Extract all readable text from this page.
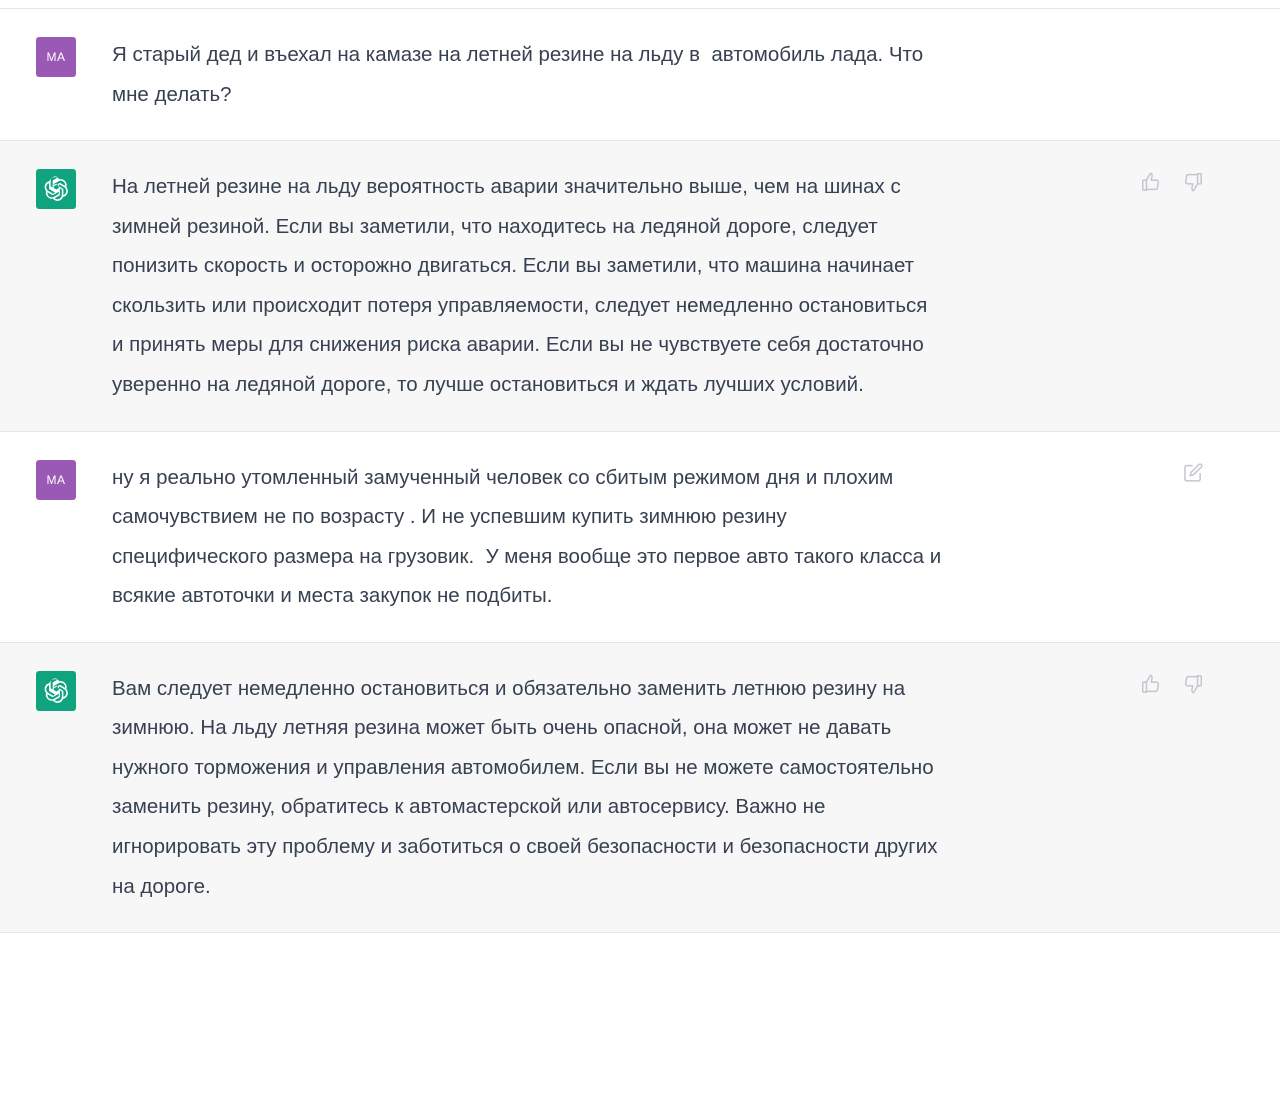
MA	Я старый дед и въехал на камазе на летней резине на льду в  автомобиль лада. Что мне делать?
На летней резине на льду вероятность аварии значительно выше, чем на шинах с зимней резиной. Если вы заметили, что находитесь на ледяной дороге, следует понизить скорость и осторожно двигаться. Если вы заметили, что машина начинает скользить или происходит потеря управляемости, следует немедленно остановиться и принять меры для снижения риска аварии. Если вы не чувствуете себя достаточно уверенно на ледяной дороге, то лучше остановиться и ждать лучших условий.
MA	ну я реально утомленный замученный человек со сбитым режимом дня и плохим самочувствием не по возрасту . И не успевшим купить зимнюю резину специфического размера на грузовик.  У меня вообще это первое авто такого класса и всякие автоточки и места закупок не подбиты.
Вам следует немедленно остановиться и обязательно заменить летнюю резину на зимнюю. На льду летняя резина может быть очень опасной, она может не давать нужного торможения и управления автомобилем. Если вы не можете самостоятельно заменить резину, обратитесь к автомастерской или автосервису. Важно не игнорировать эту проблему и заботиться о своей безопасности и безопасности других на дороге.
